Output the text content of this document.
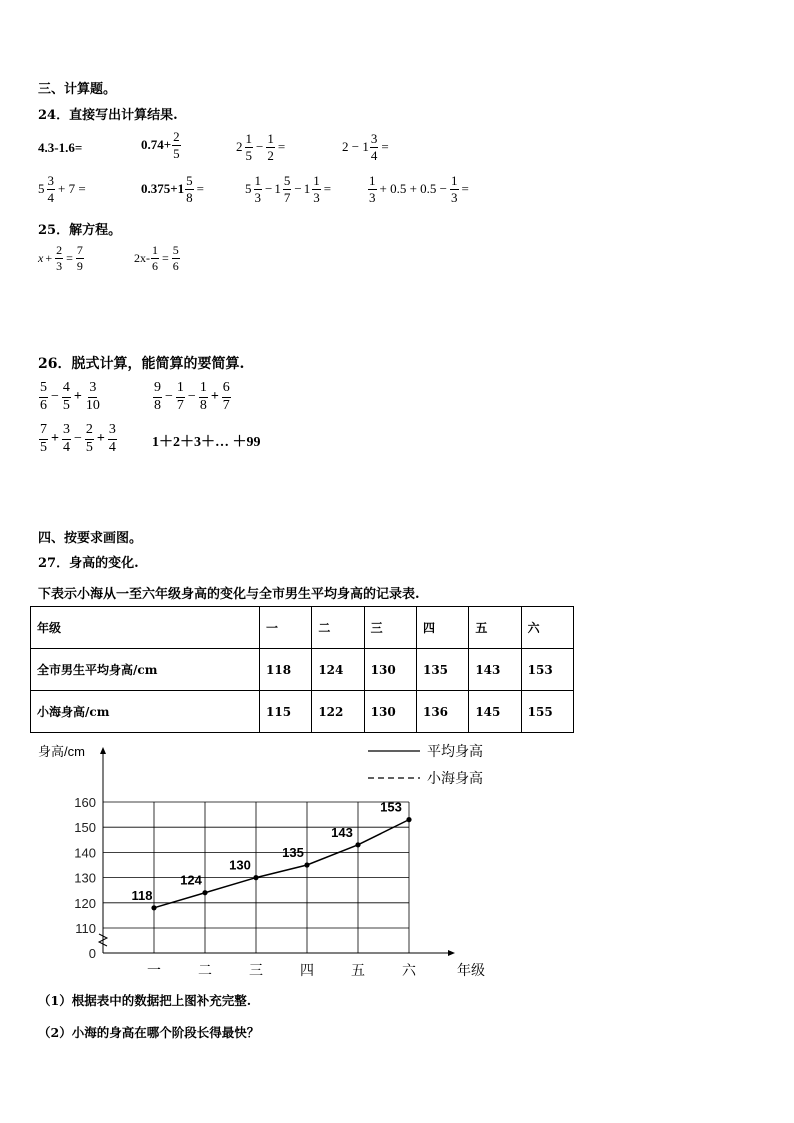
三、计算题。
24．直接写出计算结果.
4.3-1.6=	$0.74+ \frac{2}{5}$	$2 \frac{1}{5} - \frac{1}{2}$ =	$2 - 1 \frac{3}{4}$ =
$5 \frac{3}{4} + 7$ =	$0.375+1 \frac{5}{8}$ =	$5 \frac{1}{3} - 1 \frac{5}{7} - 1 \frac{1}{3}$ =	$\frac{1}{3} + 0.5 + 0.5 - \frac{1}{3}$ =
25．解方程。
$x + \frac{2}{3} = \frac{7}{9}$	$2x- \frac{1}{6} = \frac{5}{6}$
26．脱式计算，能简算的要简算.
$\frac{5}{6} - \frac{4}{5} + \frac{3}{10}$	$\frac{9}{8} - \frac{1}{7} - \frac{1}{8} + \frac{6}{7}$
$\frac{7}{5} + \frac{3}{4} - \frac{2}{5} + \frac{3}{4}$	1＋2＋3＋… ＋99
四、按要求画图。
27．身高的变化.
下表示小海从一至六年级身高的变化与全市男生平均身高的记录表.
年级	一	二	三	四	五	六
全市男生平均身高/cm	118	124	130	135	143	153
小海身高/cm	115	122	130	136	145	155
一	二	三	四	五	六	年级
160
150
140
130
120
110
0
身高/cm
118
124
130
135
143
153
平均身高
小海身高
（1）根据表中的数据把上图补充完整.
（2）小海的身高在哪个阶段长得最快？
